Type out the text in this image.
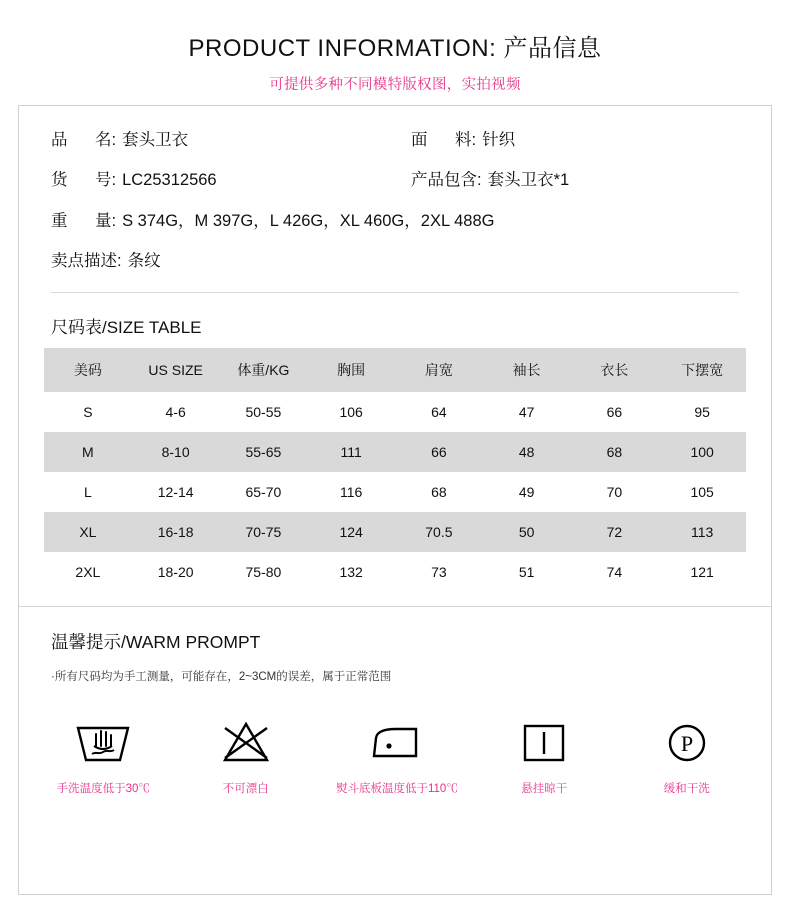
PRODUCT INFORMATION: 产品信息
可提供多种不同模特版权图，实拍视频
品      名: 套头卫衣	面      料: 针织
货      号: LC25312566	产品包含: 套头卫衣*1
重      量: S 374G，M 397G，L 426G，XL 460G，2XL 488G
卖点描述: 条纹
尺码表/SIZE TABLE
美码	US SIZE	体重/KG	胸围	肩宽	袖长	衣长	下摆宽
S	4-6	50-55	106	64	47	66	95
M	8-10	55-65	111	66	48	68	100
L	12-14	65-70	116	68	49	70	105
XL	16-18	70-75	124	70.5	50	72	113
2XL	18-20	75-80	132	73	51	74	121
温馨提示/WARM PROMPT
·所有尺码均为手工测量，可能存在，2~3CM的误差，属于正常范围
手洗温度低于30℃	不可漂白	熨斗底板温度低于110℃	悬挂晾干
P
缓和干洗
